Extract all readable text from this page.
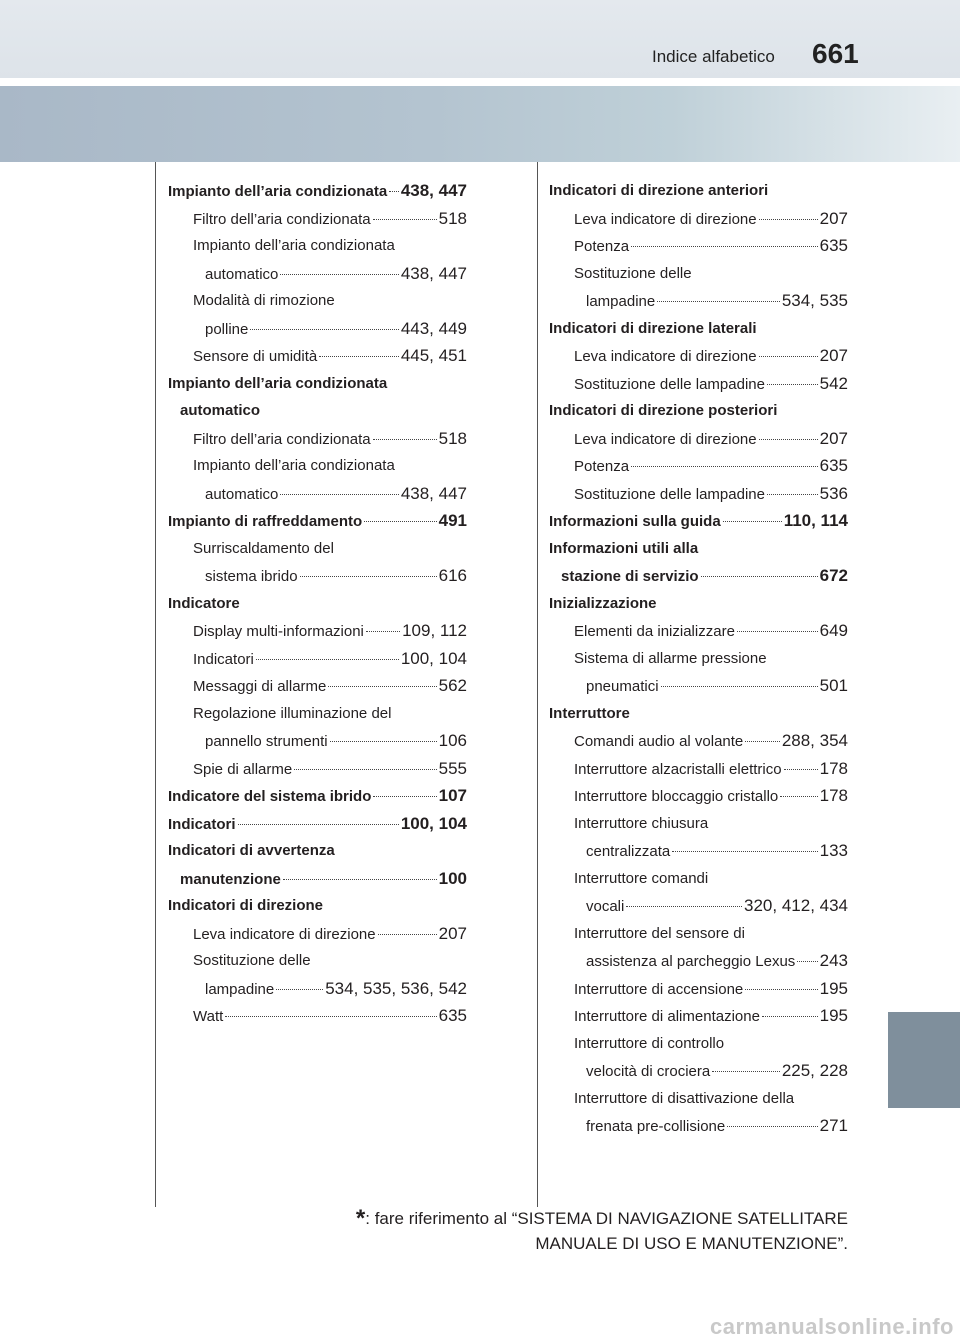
Indice alfabetico 661
Impianto dell’aria condizionata 438, 447
Filtro dell’aria condizionata	518
Impianto dell’aria condizionata
automatico	438, 447
Modalità di rimozione
polline	443, 449
Sensore di umidità	445, 451
Impianto dell’aria condizionata
automatico
Filtro dell’aria condizionata	518
Impianto dell’aria condizionata
automatico	438, 447
Impianto di raffreddamento	491
Surriscaldamento del
sistema ibrido	616
Indicatore
Display multi-informazioni 109, 112
Indicatori	100, 104
Messaggi di allarme	562
Regolazione illuminazione del
pannello strumenti	106
Spie di allarme	555
Indicatore del sistema ibrido	107
Indicatori	100, 104
Indicatori di avvertenza
manutenzione	100
Indicatori di direzione
Leva indicatore di direzione	207
Sostituzione delle
lampadine	534, 535, 536, 542
Watt	635
Indicatori di direzione anteriori
Leva indicatore di direzione	207
Potenza	635
Sostituzione delle
lampadine	534, 535
Indicatori di direzione laterali
Leva indicatore di direzione	207
Sostituzione delle lampadine	542
Indicatori di direzione posteriori
Leva indicatore di direzione	207
Potenza	635
Sostituzione delle lampadine	536
Informazioni sulla guida	110, 114
Informazioni utili alla
stazione di servizio	672
Inizializzazione
Elementi da inizializzare	649
Sistema di allarme pressione
pneumatici	501
Interruttore
Comandi audio al volante 288, 354
Interruttore alzacristalli elettrico 178
Interruttore bloccaggio cristallo 178
Interruttore chiusura
centralizzata	133
Interruttore comandi
vocali	320, 412, 434
Interruttore del sensore di
assistenza al parcheggio Lexus 243
Interruttore di accensione	195
Interruttore di alimentazione	195
Interruttore di controllo
velocità di crociera	225, 228
Interruttore di disattivazione della
frenata pre-collisione	271
*: fare riferimento al “SISTEMA DI NAVIGAZIONE SATELLITARE
MANUALE DI USO E MANUTENZIONE”.
carmanualsonline.info
